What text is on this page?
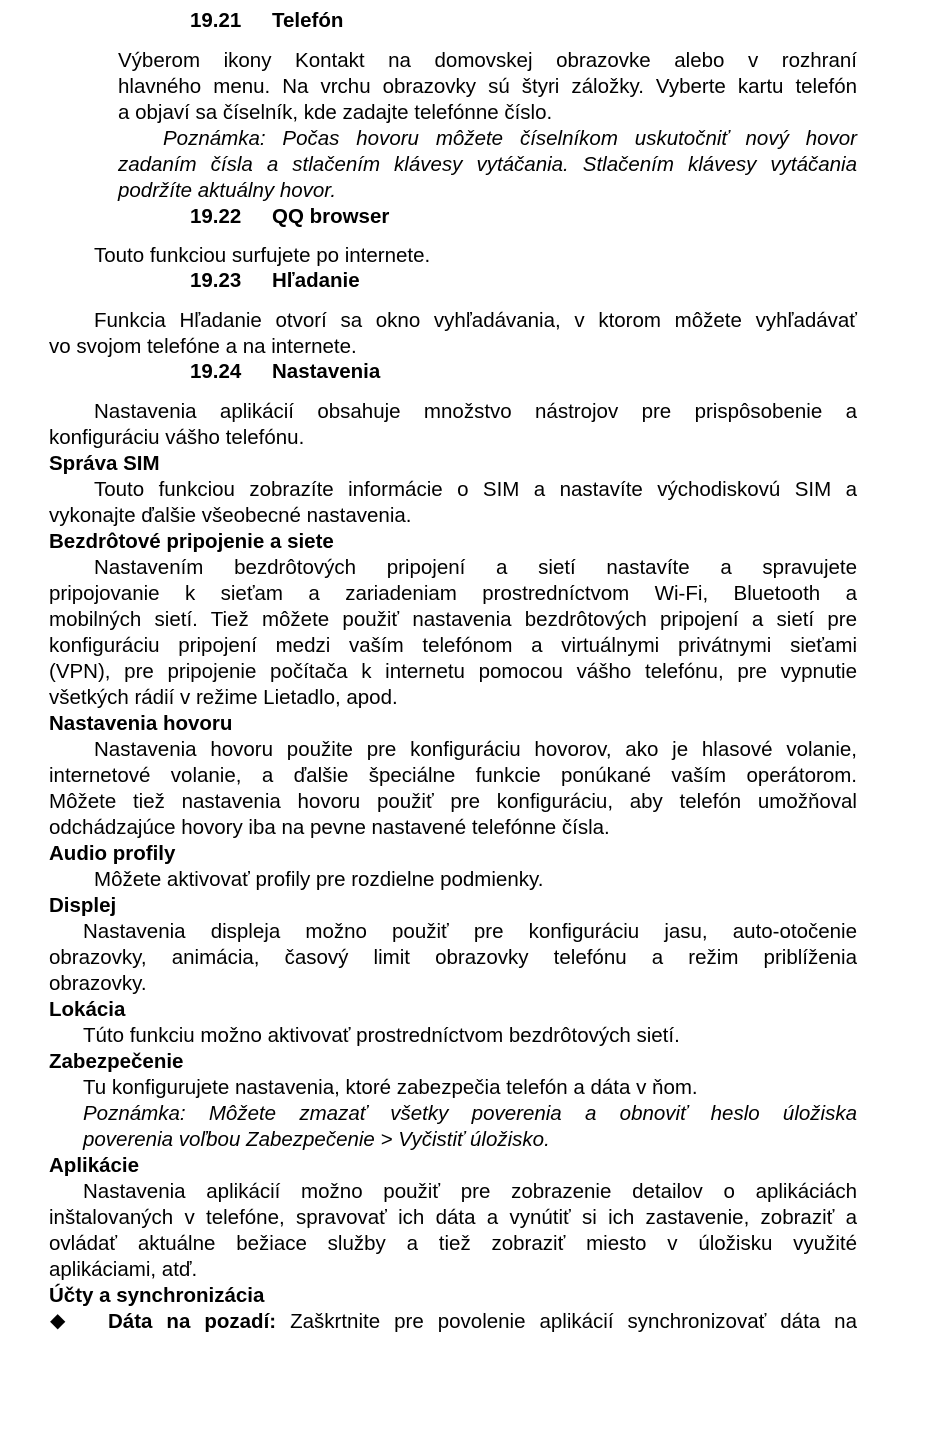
19.21 Telefón
Výberom ikony Kontakt na domovskej obrazovke alebo v rozhraní
hlavného menu. Na vrchu obrazovky sú štyri záložky. Vyberte kartu telefón
a objaví sa číselník, kde zadajte telefónne číslo.
Poznámka: Počas hovoru môžete číselníkom uskutočniť nový hovor
zadaním čísla a stlačením klávesy vytáčania. Stlačením klávesy vytáčania
podržíte aktuálny hovor.
19.22 QQ browser
Touto funkciou surfujete po internete.
19.23 Hľadanie
Funkcia Hľadanie otvorí sa okno vyhľadávania, v ktorom môžete vyhľadávať
vo svojom telefóne a na internete.
19.24 Nastavenia
Nastavenia aplikácií obsahuje množstvo nástrojov pre prispôsobenie a
konfiguráciu vášho telefónu.
Správa SIM
Touto funkciou zobrazíte informácie o SIM a nastavíte východiskovú SIM a
vykonajte ďalšie všeobecné nastavenia.
Bezdrôtové pripojenie a siete
Nastavením bezdrôtových pripojení a sietí nastavíte a spravujete
pripojovanie k sieťam a zariadeniam prostredníctvom Wi-Fi, Bluetooth a
mobilných sietí. Tiež môžete použiť nastavenia bezdrôtových pripojení a sietí pre
konfiguráciu pripojení medzi vaším telefónom a virtuálnymi privátnymi sieťami
(VPN), pre pripojenie počítača k internetu pomocou vášho telefónu, pre vypnutie
všetkých rádií v režime Lietadlo, apod.
Nastavenia hovoru
Nastavenia hovoru použite pre konfiguráciu hovorov, ako je hlasové volanie,
internetové volanie, a ďalšie špeciálne funkcie ponúkané vaším operátorom.
Môžete tiež nastavenia hovoru použiť pre konfiguráciu, aby telefón umožňoval
odchádzajúce hovory iba na pevne nastavené telefónne čísla.
Audio profily
Môžete aktivovať profily pre rozdielne podmienky.
Displej
Nastavenia displeja možno použiť pre konfiguráciu jasu, auto-otočenie
obrazovky, animácia, časový limit obrazovky telefónu a režim priblíženia
obrazovky.
Lokácia
Túto funkciu možno aktivovať prostredníctvom bezdrôtových sietí.
Zabezpečenie
Tu konfigurujete nastavenia, ktoré zabezpečia telefón a dáta v ňom.
Poznámka: Môžete zmazať všetky poverenia a obnoviť heslo úložiska
poverenia voľbou Zabezpečenie > Vyčistiť úložisko.
Aplikácie
Nastavenia aplikácií možno použiť pre zobrazenie detailov o aplikáciách
inštalovaných v telefóne, spravovať ich dáta a vynútiť si ich zastavenie, zobraziť a
ovládať aktuálne bežiace služby a tiež zobraziť miesto v úložisku využité
aplikáciami, atď.
Účty a synchronizácia
◆ Dáta na pozadí: Zaškrtnite pre povolenie aplikácií synchronizovať dáta na
